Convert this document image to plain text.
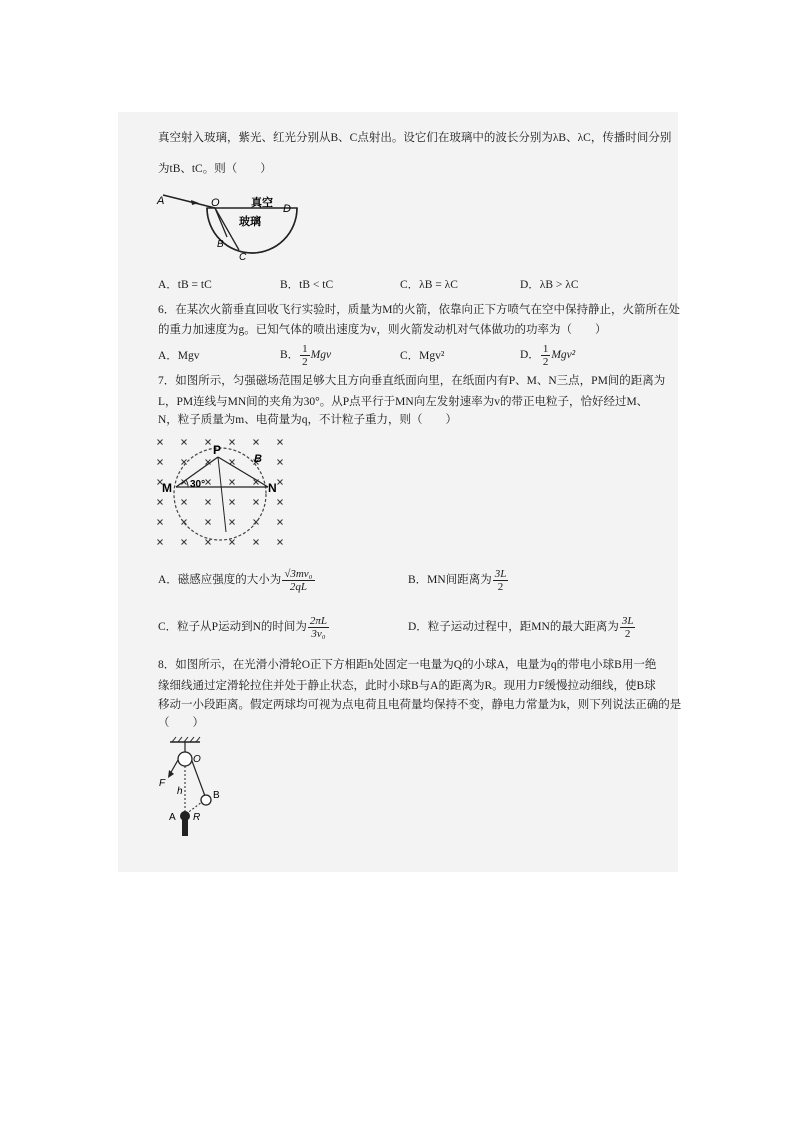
真空射入玻璃，紫光、红光分别从B、C点射出。设它们在玻璃中的波长分别为λB、λC，传播时间分别
为tB、tC。则（　　）
A	O	D
B
C
真空
玻璃
A．tB = tC	B．tB < tC	C．λB = λC	D．λB > λC
6．在某次火箭垂直回收飞行实验时，质量为M的火箭，依靠向正下方喷气在空中保持静止，火箭所在处
的重力加速度为g。已知气体的喷出速度为v，则火箭发动机对气体做功的功率为（　　）
A．Mgv	B． $\frac{1}{2}$ Mgv	C．Mgv²	D． $\frac{1}{2} Mgv^2$
7．如图所示，匀强磁场范围足够大且方向垂直纸面向里，在纸面内有P、M、N三点，PM间的距离为
L，PM连线与MN间的夹角为30°。从P点平行于MN向左发射速率为v的带正电粒子，恰好经过M、
N，粒子质量为m、电荷量为q，不计粒子重力，则（　　）
P
M	N
B
30°
A．磁感应强度的大小为 $\frac{\text{√3mv₀}}{2qL}$	B．MN间距离为 $\frac{3L}{2}$
C．粒子从P运动到N的时间为 $\frac{2\pi L}{\text{3v₀}}$	D．粒子运动过程中，距MN的最大距离为 $\frac{3L}{2}$
8．如图所示，在光滑小滑轮O正下方相距h处固定一电量为Q的小球A，电量为q的带电小球B用一绝
缘细线通过定滑轮拉住并处于静止状态，此时小球B与A的距离为R。现用力F缓慢拉动细线，使B球
移动一小段距离。假定两球均可视为点电荷且电荷量均保持不变，静电力常量为k，则下列说法正确的是
（　　）
O
F
h	B
A R
